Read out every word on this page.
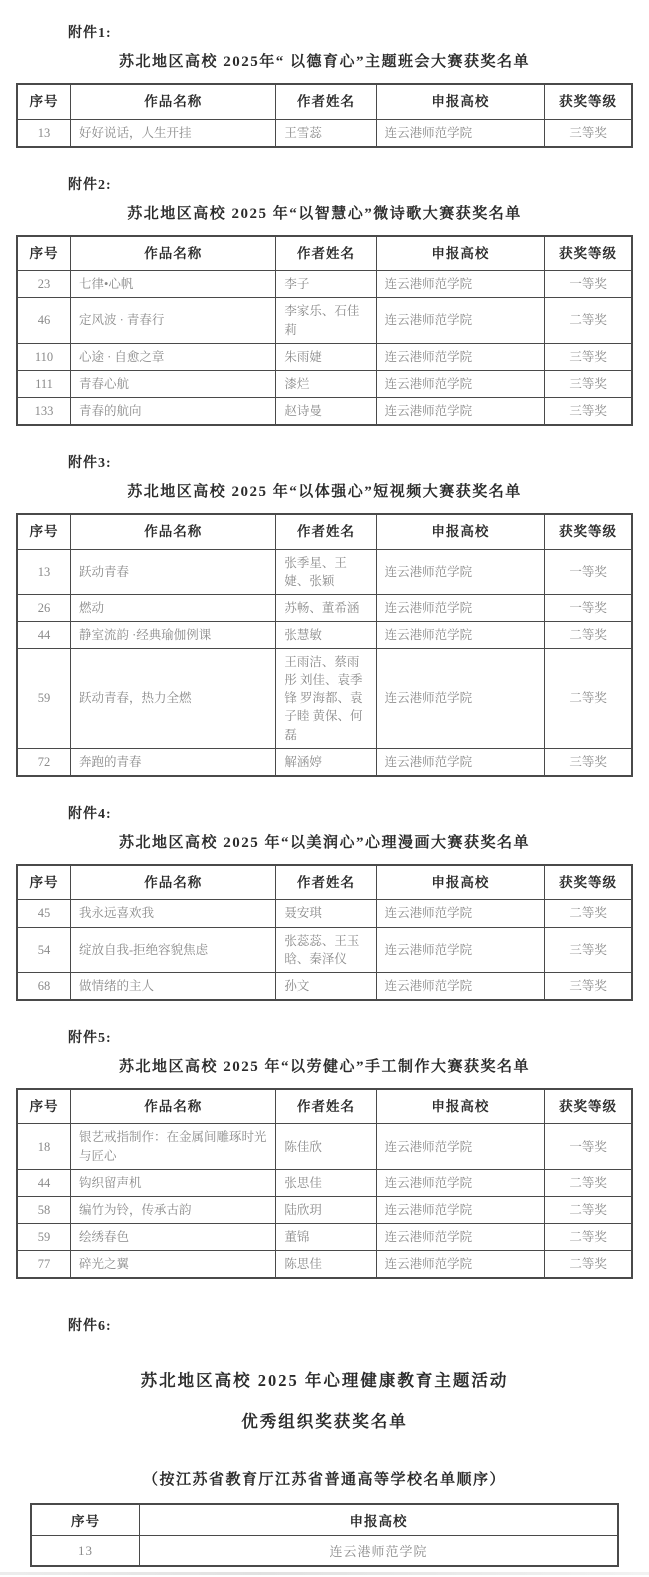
附件1:

苏北地区高校 2025年“ 以德育心”主题班会大赛获奖名单
序号	作品名称	作者姓名	申报高校	获奖等级
13	好好说话，人生开挂	王雪蕊	连云港师范学院	三等奖

附件2:

苏北地区高校 2025 年“以智慧心”微诗歌大赛获奖名单
序号	作品名称	作者姓名	申报高校	获奖等级
23	七律•心帆	李子	连云港师范学院	一等奖
46	定风波 · 青春行	李家乐、石佳莉	连云港师范学院	二等奖
110	心途 · 自愈之章	朱雨婕	连云港师范学院	三等奖
111	青春心航	漆烂	连云港师范学院	三等奖
133	青春的航向	赵诗曼	连云港师范学院	三等奖

附件3:

苏北地区高校 2025 年“以体强心”短视频大赛获奖名单
序号	作品名称	作者姓名	申报高校	获奖等级
13	跃动青春	张季星、王婕、张颖	连云港师范学院	一等奖
26	燃动	苏畅、董希涵	连云港师范学院	一等奖
44	静室流韵 ·经典瑜伽例课	张慧敏	连云港师范学院	二等奖
59	跃动青春，热力全燃	王雨洁、蔡雨彤 刘佳、袁季锋 罗海都、袁子睦 黄保、何磊	连云港师范学院	二等奖
72	奔跑的青春	解涵婷	连云港师范学院	三等奖

附件4:

苏北地区高校 2025 年“以美润心”心理漫画大赛获奖名单
序号	作品名称	作者姓名	申报高校	获奖等级
45	我永远喜欢我	聂安琪	连云港师范学院	二等奖
54	绽放自我-拒绝容貌焦虑	张蕊蕊、王玉晗、秦泽仪	连云港师范学院	三等奖
68	做情绪的主人	孙文	连云港师范学院	三等奖

附件5:

苏北地区高校 2025 年“以劳健心”手工制作大赛获奖名单
序号	作品名称	作者姓名	申报高校	获奖等级
18	银艺戒指制作：在金属间雕琢时光与匠心	陈佳欣	连云港师范学院	一等奖
44	钩织留声机	张思佳	连云港师范学院	二等奖
58	编竹为铃，传承古韵	陆欣玥	连云港师范学院	二等奖
59	绘绣春色	董锦	连云港师范学院	二等奖
77	碎光之翼	陈思佳	连云港师范学院	二等奖

附件6:

苏北地区高校 2025 年心理健康教育主题活动
优秀组织奖获奖名单

（按江苏省教育厅江苏省普通高等学校名单顺序）

序号	申报高校
13	连云港师范学院
